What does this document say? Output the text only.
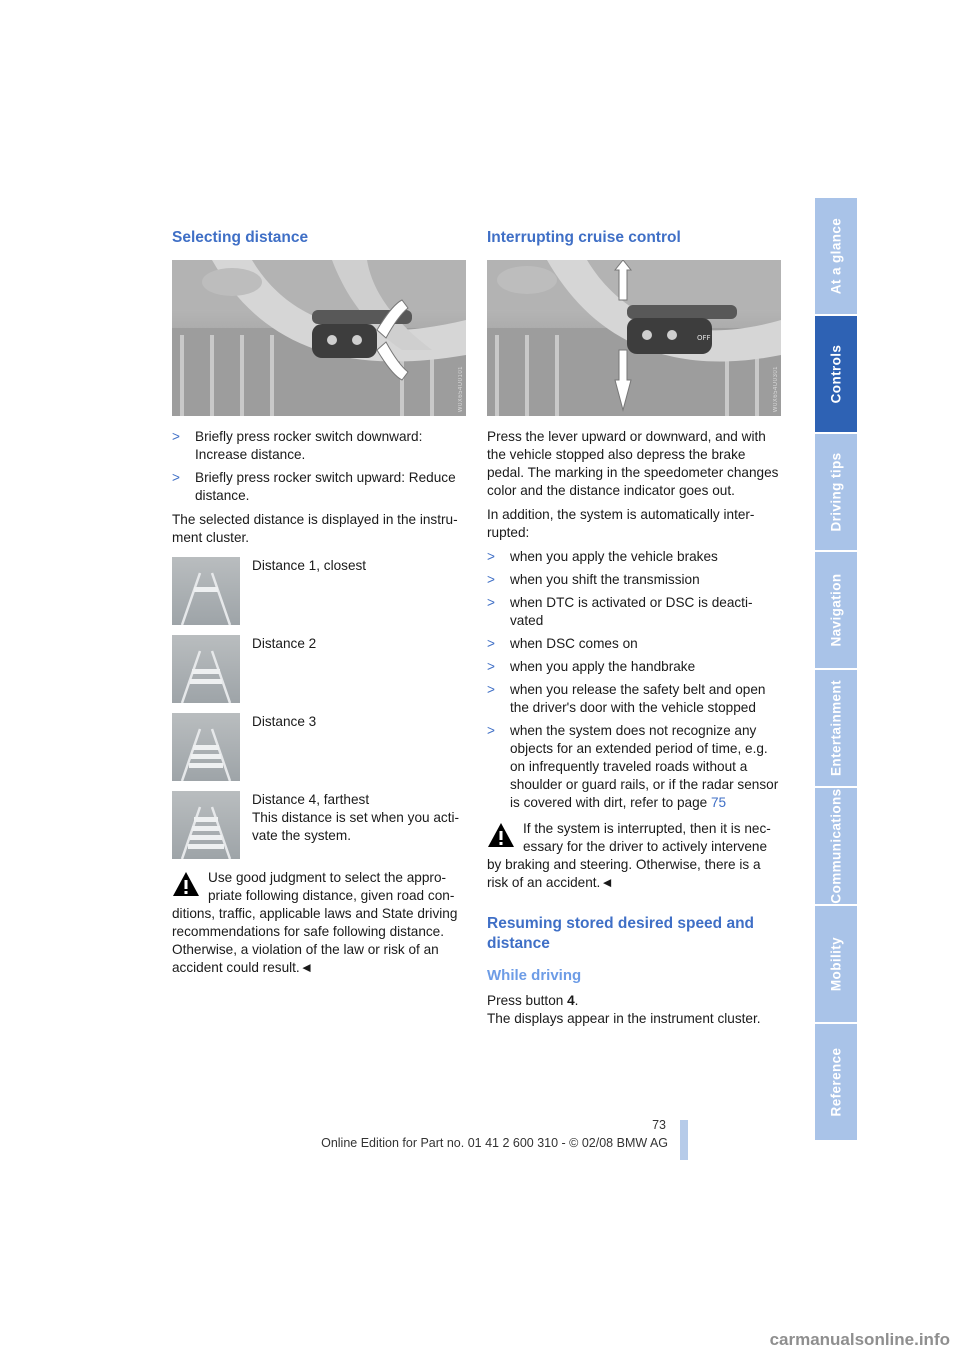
Selecting distance
W0X654U0101
> Briefly press rocker switch downward: Increase distance.
> Briefly press rocker switch upward: Reduce distance.

The selected distance is displayed in the instru-ment cluster.

Distance 1, closest

Distance 2

Distance 3

Distance 4, farthest

This distance is set when you acti-vate the system.

Use good judgment to select the appro-priate following distance, given road con-ditions, traffic, applicable laws and State driving recommendations for safe following distance. Otherwise, a violation of the law or risk of an accident could result.◄

Interrupting cruise control
OFF
W0X654U0301

Press the lever upward or downward, and with the vehicle stopped also depress the brake pedal. The marking in the speedometer changes color and the distance indicator goes out.

In addition, the system is automatically inter-rupted:

> when you apply the vehicle brakes
> when you shift the transmission
> when DTC is activated or DSC is deacti-vated
> when DSC comes on
> when you apply the handbrake
> when you release the safety belt and open the driver's door with the vehicle stopped
> when the system does not recognize any objects for an extended period of time, e.g. on infrequently traveled roads without a shoulder or guard rails, or if the radar sensor is covered with dirt, refer to page 75

If the system is interrupted, then it is nec-essary for the driver to actively intervene by braking and steering. Otherwise, there is a risk of an accident.◄

Resuming stored desired speed and distance
While driving

Press button 4.

The displays appear in the instrument cluster.

At a glance
Controls
Driving tips
Navigation
Entertainment
Communications
Mobility
Reference
73
Online Edition for Part no. 01 41 2 600 310 - © 02/08 BMW AG
carmanualsonline.info
